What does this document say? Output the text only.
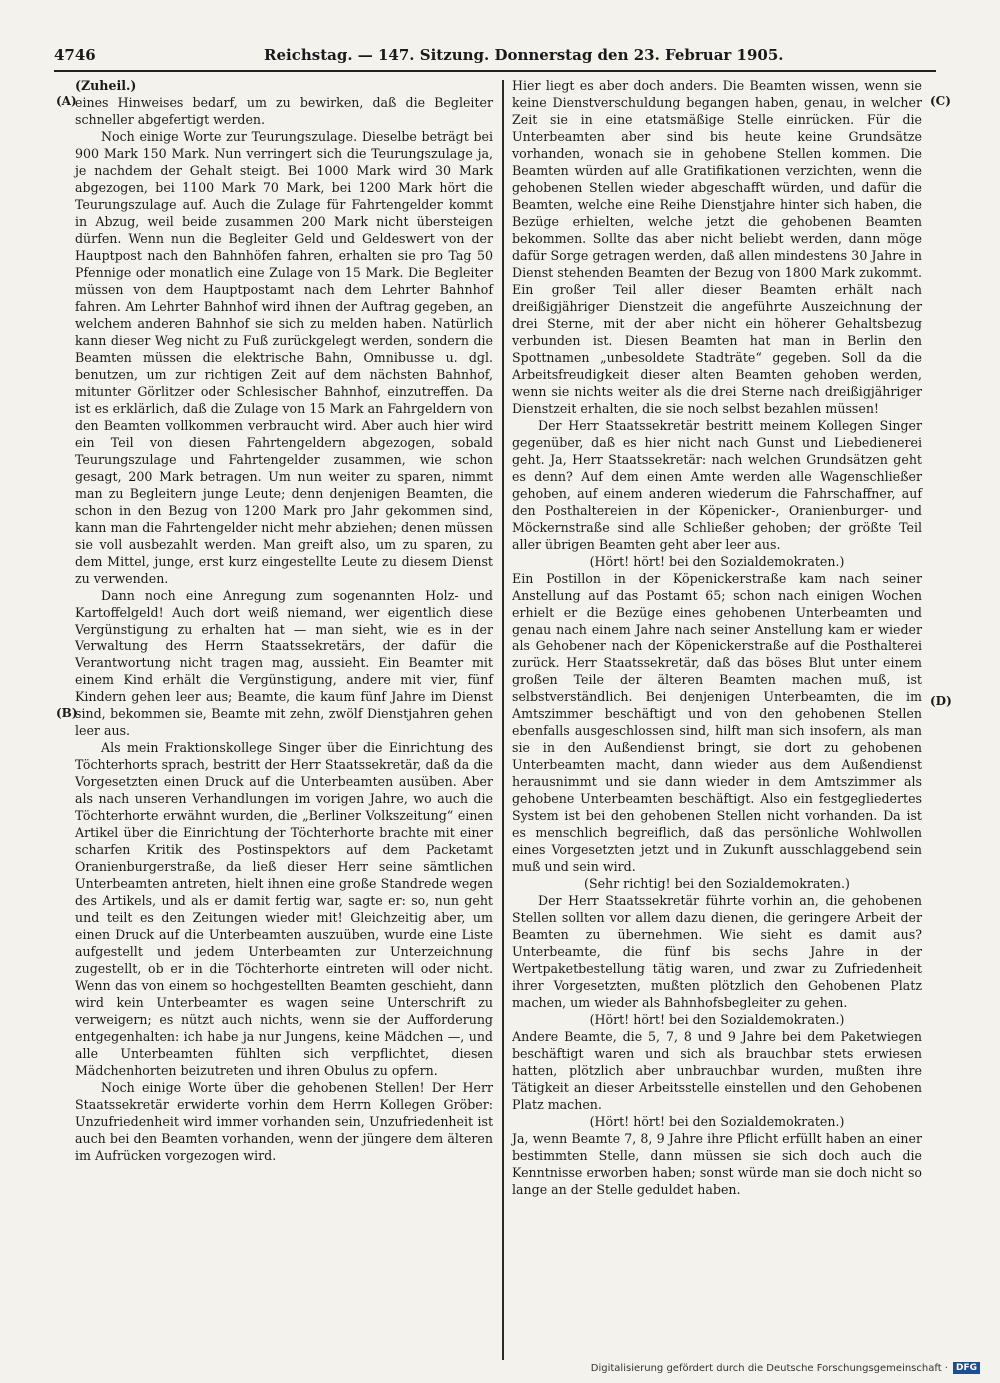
4746	Reichstag. — 147. Sitzung. Donnerstag den 23. Februar 1905.
(A)
(B)
(C)
(D)

(Zuheil.)

eines Hinweises bedarf, um zu bewirken, daß die Begleiter schneller abgefertigt werden.

Noch einige Worte zur Teurungszulage. Dieselbe beträgt bei 900 Mark 150 Mark. Nun verringert sich die Teurungszulage ja, je nachdem der Gehalt steigt. Bei 1000 Mark wird 30 Mark abgezogen, bei 1100 Mark 70 Mark, bei 1200 Mark hört die Teurungszulage auf. Auch die Zulage für Fahrtengelder kommt in Abzug, weil beide zusammen 200 Mark nicht übersteigen dürfen. Wenn nun die Begleiter Geld und Geldeswert von der Hauptpost nach den Bahnhöfen fahren, erhalten sie pro Tag 50 Pfennige oder monatlich eine Zulage von 15 Mark. Die Begleiter müssen von dem Hauptpostamt nach dem Lehrter Bahnhof fahren. Am Lehrter Bahnhof wird ihnen der Auftrag gegeben, an welchem anderen Bahnhof sie sich zu melden haben. Natürlich kann dieser Weg nicht zu Fuß zurückgelegt werden, sondern die Beamten müssen die elektrische Bahn, Omnibusse u. dgl. benutzen, um zur richtigen Zeit auf dem nächsten Bahnhof, mitunter Görlitzer oder Schlesischer Bahnhof, einzutreffen. Da ist es erklärlich, daß die Zulage von 15 Mark an Fahrgeldern von den Beamten vollkommen verbraucht wird. Aber auch hier wird ein Teil von diesen Fahrtengeldern abgezogen, sobald Teurungszulage und Fahrtengelder zusammen, wie schon gesagt, 200 Mark betragen. Um nun weiter zu sparen, nimmt man zu Begleitern junge Leute; denn denjenigen Beamten, die schon in den Bezug von 1200 Mark pro Jahr gekommen sind, kann man die Fahrtengelder nicht mehr abziehen; denen müssen sie voll ausbezahlt werden. Man greift also, um zu sparen, zu dem Mittel, junge, erst kurz eingestellte Leute zu diesem Dienst zu verwenden.

Dann noch eine Anregung zum sogenannten Holz- und Kartoffelgeld! Auch dort weiß niemand, wer eigentlich diese Vergünstigung zu erhalten hat — man sieht, wie es in der Verwaltung des Herrn Staatssekretärs, der dafür die Verantwortung nicht tragen mag, aussieht. Ein Beamter mit einem Kind erhält die Vergünstigung, andere mit vier, fünf Kindern gehen leer aus; Beamte, die kaum fünf Jahre im Dienst sind, bekommen sie, Beamte mit zehn, zwölf Dienstjahren gehen leer aus.

Als mein Fraktionskollege Singer über die Einrichtung des Töchterhorts sprach, bestritt der Herr Staatssekretär, daß da die Vorgesetzten einen Druck auf die Unterbeamten ausüben. Aber als nach unseren Verhandlungen im vorigen Jahre, wo auch die Töchterhorte erwähnt wurden, die „Berliner Volkszeitung“ einen Artikel über die Einrichtung der Töchterhorte brachte mit einer scharfen Kritik des Postinspektors auf dem Packetamt Oranienburgerstraße, da ließ dieser Herr seine sämtlichen Unterbeamten antreten, hielt ihnen eine große Standrede wegen des Artikels, und als er damit fertig war, sagte er: so, nun geht und teilt es den Zeitungen wieder mit! Gleichzeitig aber, um einen Druck auf die Unterbeamten auszuüben, wurde eine Liste aufgestellt und jedem Unterbeamten zur Unterzeichnung zugestellt, ob er in die Töchterhorte eintreten will oder nicht. Wenn das von einem so hochgestellten Beamten geschieht, dann wird kein Unterbeamter es wagen seine Unterschrift zu verweigern; es nützt auch nichts, wenn sie der Aufforderung entgegenhalten: ich habe ja nur Jungens, keine Mädchen —, und alle Unterbeamten fühlten sich verpflichtet, diesen Mädchenhorten beizutreten und ihren Obulus zu opfern.

Noch einige Worte über die gehobenen Stellen! Der Herr Staatssekretär erwiderte vorhin dem Herrn Kollegen Gröber: Unzufriedenheit wird immer vorhanden sein, Unzufriedenheit ist auch bei den Beamten vorhanden, wenn der jüngere dem älteren im Aufrücken vorgezogen wird.

Hier liegt es aber doch anders. Die Beamten wissen, wenn sie keine Dienstverschuldung begangen haben, genau, in welcher Zeit sie in eine etatsmäßige Stelle einrücken. Für die Unterbeamten aber sind bis heute keine Grundsätze vorhanden, wonach sie in gehobene Stellen kommen. Die Beamten würden auf alle Gratifikationen verzichten, wenn die gehobenen Stellen wieder abgeschafft würden, und dafür die Beamten, welche eine Reihe Dienstjahre hinter sich haben, die Bezüge erhielten, welche jetzt die gehobenen Beamten bekommen. Sollte das aber nicht beliebt werden, dann möge dafür Sorge getragen werden, daß allen mindestens 30 Jahre in Dienst stehenden Beamten der Bezug von 1800 Mark zukommt. Ein großer Teil aller dieser Beamten erhält nach dreißigjähriger Dienstzeit die angeführte Auszeichnung der drei Sterne, mit der aber nicht ein höherer Gehaltsbezug verbunden ist. Diesen Beamten hat man in Berlin den Spottnamen „unbesoldete Stadträte“ gegeben. Soll da die Arbeitsfreudigkeit dieser alten Beamten gehoben werden, wenn sie nichts weiter als die drei Sterne nach dreißigjähriger Dienstzeit erhalten, die sie noch selbst bezahlen müssen!

Der Herr Staatssekretär bestritt meinem Kollegen Singer gegenüber, daß es hier nicht nach Gunst und Liebedienerei geht. Ja, Herr Staatssekretär: nach welchen Grundsätzen geht es denn? Auf dem einen Amte werden alle Wagenschließer gehoben, auf einem anderen wiederum die Fahrschaffner, auf den Posthaltereien in der Köpenicker-, Oranienburger- und Möckernstraße sind alle Schließer gehoben; der größte Teil aller übrigen Beamten geht aber leer aus.

(Hört! hört! bei den Sozialdemokraten.)

Ein Postillon in der Köpenickerstraße kam nach seiner Anstellung auf das Postamt 65; schon nach einigen Wochen erhielt er die Bezüge eines gehobenen Unterbeamten und genau nach einem Jahre nach seiner Anstellung kam er wieder als Gehobener nach der Köpenickerstraße auf die Posthalterei zurück. Herr Staatssekretär, daß das böses Blut unter einem großen Teile der älteren Beamten machen muß, ist selbstverständlich. Bei denjenigen Unterbeamten, die im Amtszimmer beschäftigt und von den gehobenen Stellen ebenfalls ausgeschlossen sind, hilft man sich insofern, als man sie in den Außendienst bringt, sie dort zu gehobenen Unterbeamten macht, dann wieder aus dem Außendienst herausnimmt und sie dann wieder in dem Amtszimmer als gehobene Unterbeamten beschäftigt. Also ein festgegliedertes System ist bei den gehobenen Stellen nicht vorhanden. Da ist es menschlich begreiflich, daß das persönliche Wohlwollen eines Vorgesetzten jetzt und in Zukunft ausschlaggebend sein muß und sein wird.

(Sehr richtig! bei den Sozialdemokraten.)

Der Herr Staatssekretär führte vorhin an, die gehobenen Stellen sollten vor allem dazu dienen, die geringere Arbeit der Beamten zu übernehmen. Wie sieht es damit aus? Unterbeamte, die fünf bis sechs Jahre in der Wertpaketbestellung tätig waren, und zwar zu Zufriedenheit ihrer Vorgesetzten, mußten plötzlich den Gehobenen Platz machen, um wieder als Bahnhofsbegleiter zu gehen.

(Hört! hört! bei den Sozialdemokraten.)

Andere Beamte, die 5, 7, 8 und 9 Jahre bei dem Paketwiegen beschäftigt waren und sich als brauchbar stets erwiesen hatten, plötzlich aber unbrauchbar wurden, mußten ihre Tätigkeit an dieser Arbeitsstelle einstellen und den Gehobenen Platz machen.

(Hört! hört! bei den Sozialdemokraten.)

Ja, wenn Beamte 7, 8, 9 Jahre ihre Pflicht erfüllt haben an einer bestimmten Stelle, dann müssen sie sich doch auch die Kenntnisse erworben haben; sonst würde man sie doch nicht so lange an der Stelle geduldet haben.

Digitalisierung gefördert durch die Deutsche Forschungsgemeinschaft · DFG
